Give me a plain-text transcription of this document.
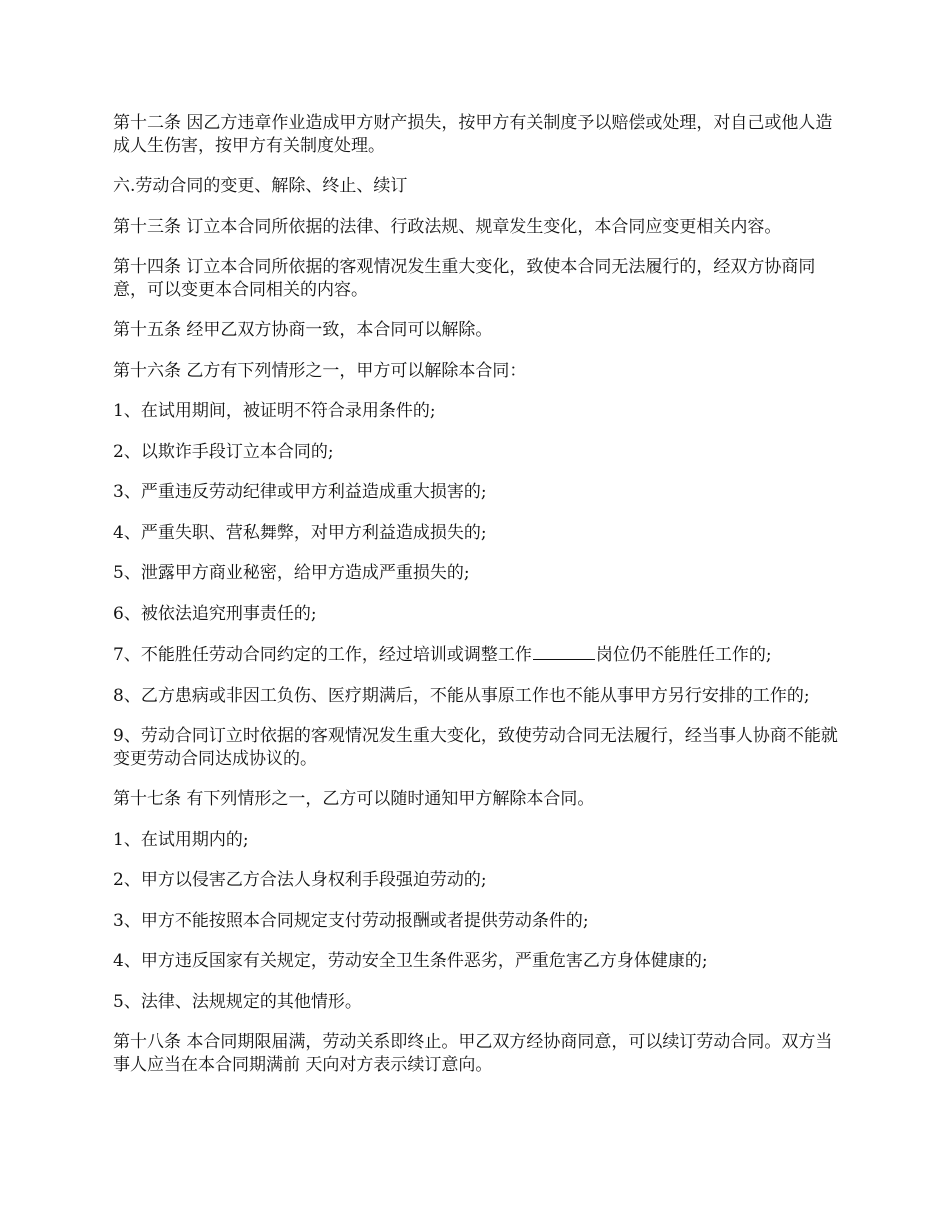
第十二条 因乙方违章作业造成甲方财产损失，按甲方有关制度予以赔偿或处理，对自己或他人造成人生伤害，按甲方有关制度处理。

六.劳动合同的变更、解除、终止、续订

第十三条 订立本合同所依据的法律、行政法规、规章发生变化，本合同应变更相关内容。

第十四条 订立本合同所依据的客观情况发生重大变化，致使本合同无法履行的，经双方协商同意，可以变更本合同相关的内容。

第十五条 经甲乙双方协商一致，本合同可以解除。

第十六条 乙方有下列情形之一，甲方可以解除本合同：

1、在试用期间，被证明不符合录用条件的;

2、以欺诈手段订立本合同的;

3、严重违反劳动纪律或甲方利益造成重大损害的;

4、严重失职、营私舞弊，对甲方利益造成损失的;

5、泄露甲方商业秘密，给甲方造成严重损失的;

6、被依法追究刑事责任的;

7、不能胜任劳动合同约定的工作，经过培训或调整工作	岗位仍不能胜任工作的;

8、乙方患病或非因工负伤、医疗期满后，不能从事原工作也不能从事甲方另行安排的工作的;

9、劳动合同订立时依据的客观情况发生重大变化，致使劳动合同无法履行，经当事人协商不能就变更劳动合同达成协议的。

第十七条 有下列情形之一，乙方可以随时通知甲方解除本合同。

1、在试用期内的;

2、甲方以侵害乙方合法人身权利手段强迫劳动的;

3、甲方不能按照本合同规定支付劳动报酬或者提供劳动条件的;

4、甲方违反国家有关规定，劳动安全卫生条件恶劣，严重危害乙方身体健康的;

5、法律、法规规定的其他情形。

第十八条 本合同期限届满，劳动关系即终止。甲乙双方经协商同意，可以续订劳动合同。双方当事人应当在本合同期满前 天向对方表示续订意向。
